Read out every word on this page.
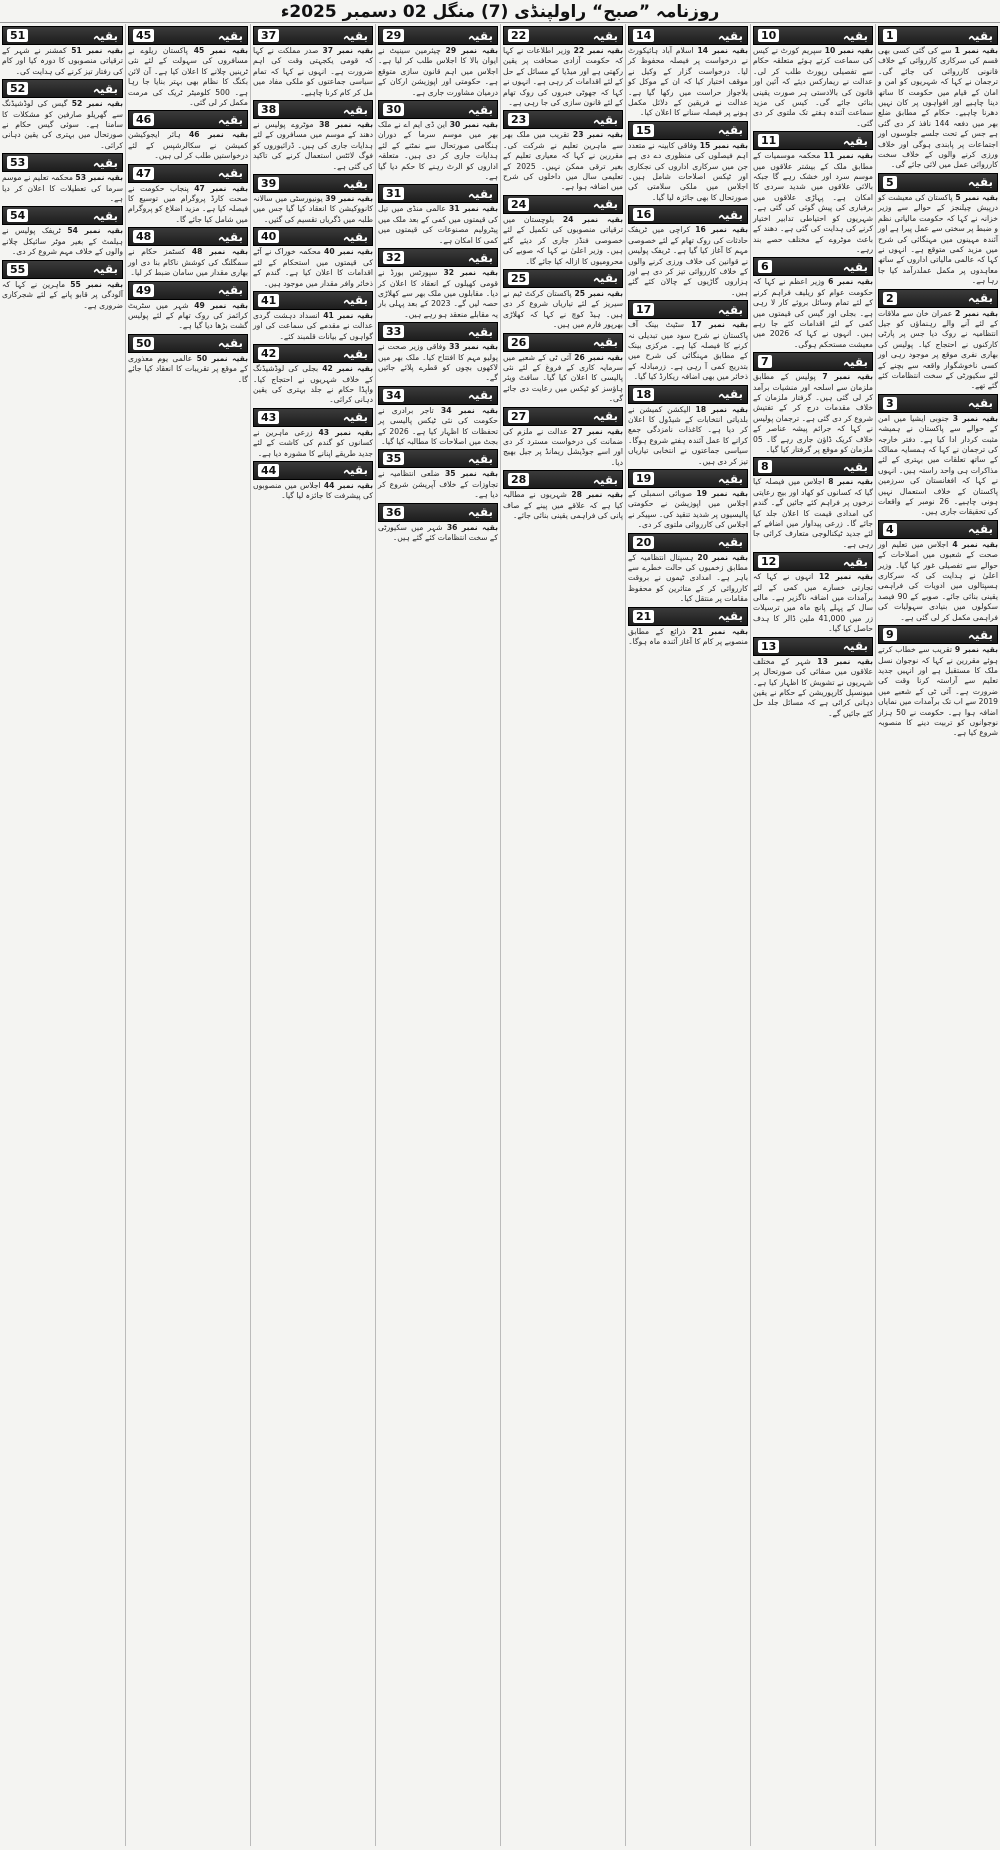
روزنامہ ”صبح“ راولپنڈی (7) منگل 02 دسمبر 2025ء
1	بقیہ

بقیہ نمبر 1 سے کی گئی کسی بھی قسم کی سرکاری کارروائی کے خلاف قانونی کارروائی کی جائے گی۔ ترجمان نے کہا کہ شہریوں کو امن و امان کے قیام میں حکومت کا ساتھ دینا چاہیے اور افواہوں پر کان نہیں دھرنا چاہیے۔ حکام کے مطابق ضلع بھر میں دفعہ 144 نافذ کر دی گئی ہے جس کے تحت جلسے جلوسوں اور اجتماعات پر پابندی ہوگی اور خلاف ورزی کرنے والوں کے خلاف سخت کارروائی عمل میں لائی جائے گی۔

5	بقیہ

بقیہ نمبر 5 پاکستان کی معیشت کو درپیش چیلنجز کے حوالے سے وزیر خزانہ نے کہا کہ حکومت مالیاتی نظم و ضبط پر سختی سے عمل پیرا ہے اور آئندہ مہینوں میں مہنگائی کی شرح میں مزید کمی متوقع ہے۔ انہوں نے کہا کہ عالمی مالیاتی اداروں کے ساتھ معاہدوں پر مکمل عملدرآمد کیا جا رہا ہے۔

2	بقیہ

بقیہ نمبر 2 عمران خان سے ملاقات کے لئے آنے والے رہنماؤں کو جیل انتظامیہ نے روک دیا جس پر پارٹی کارکنوں نے احتجاج کیا۔ پولیس کی بھاری نفری موقع پر موجود رہی اور کسی ناخوشگوار واقعہ سے بچنے کے لئے سکیورٹی کے سخت انتظامات کئے گئے تھے۔

3	بقیہ

بقیہ نمبر 3 جنوبی ایشیا میں امن کے حوالے سے پاکستان نے ہمیشہ مثبت کردار ادا کیا ہے۔ دفتر خارجہ کی ترجمان نے کہا کہ ہمسایہ ممالک کے ساتھ تعلقات میں بہتری کے لئے مذاکرات ہی واحد راستہ ہیں۔ انہوں نے کہا کہ افغانستان کی سرزمین پاکستان کے خلاف استعمال نہیں ہونی چاہیے۔ 26 نومبر کے واقعات کی تحقیقات جاری ہیں۔

4	بقیہ

بقیہ نمبر 4 اجلاس میں تعلیم اور صحت کے شعبوں میں اصلاحات کے حوالے سے تفصیلی غور کیا گیا۔ وزیر اعلیٰ نے ہدایت کی کہ سرکاری ہسپتالوں میں ادویات کی فراہمی یقینی بنائی جائے۔ صوبے کے 90 فیصد سکولوں میں بنیادی سہولیات کی فراہمی مکمل کر لی گئی ہے۔

9	بقیہ

بقیہ نمبر 9 تقریب سے خطاب کرتے ہوئے مقررین نے کہا کہ نوجوان نسل ملک کا مستقبل ہے اور انہیں جدید تعلیم سے آراستہ کرنا وقت کی ضرورت ہے۔ آئی ٹی کے شعبے میں 2019 سے اب تک برآمدات میں نمایاں اضافہ ہوا ہے۔ حکومت نے 50 ہزار نوجوانوں کو تربیت دینے کا منصوبہ شروع کیا ہے۔

10	بقیہ

بقیہ نمبر 10 سپریم کورٹ نے کیس کی سماعت کرتے ہوئے متعلقہ حکام سے تفصیلی رپورٹ طلب کر لی۔ عدالت نے ریمارکس دیئے کہ آئین اور قانون کی بالادستی ہر صورت یقینی بنائی جائے گی۔ کیس کی مزید سماعت آئندہ ہفتے تک ملتوی کر دی گئی۔

11	بقیہ

بقیہ نمبر 11 محکمہ موسمیات کے مطابق ملک کے بیشتر علاقوں میں موسم سرد اور خشک رہے گا جبکہ بالائی علاقوں میں شدید سردی کا امکان ہے۔ پہاڑی علاقوں میں برفباری کی پیش گوئی کی گئی ہے۔ شہریوں کو احتیاطی تدابیر اختیار کرنے کی ہدایت کی گئی ہے۔ دھند کے باعث موٹروے کے مختلف حصے بند رہے۔

6	بقیہ

بقیہ نمبر 6 وزیر اعظم نے کہا کہ حکومت عوام کو ریلیف فراہم کرنے کے لئے تمام وسائل بروئے کار لا رہی ہے۔ بجلی اور گیس کی قیمتوں میں کمی کے لئے اقدامات کئے جا رہے ہیں۔ انہوں نے کہا کہ 2026 میں معیشت مستحکم ہوگی۔

7	بقیہ

بقیہ نمبر 7 پولیس کے مطابق ملزمان سے اسلحہ اور منشیات برآمد کر لی گئی ہیں۔ گرفتار ملزمان کے خلاف مقدمات درج کر کے تفتیش شروع کر دی گئی ہے۔ ترجمان پولیس نے کہا کہ جرائم پیشہ عناصر کے خلاف کریک ڈاؤن جاری رہے گا۔ 05 ملزمان کو موقع پر گرفتار کیا گیا۔

8	بقیہ

بقیہ نمبر 8 اجلاس میں فیصلہ کیا گیا کہ کسانوں کو کھاد اور بیج رعایتی نرخوں پر فراہم کئے جائیں گے۔ گندم کی امدادی قیمت کا اعلان جلد کیا جائے گا۔ زرعی پیداوار میں اضافے کے لئے جدید ٹیکنالوجی متعارف کرائی جا رہی ہے۔

12	بقیہ

بقیہ نمبر 12 انہوں نے کہا کہ تجارتی خسارے میں کمی کے لئے برآمدات میں اضافہ ناگزیر ہے۔ مالی سال کے پہلے پانچ ماہ میں ترسیلات زر میں 41,000 ملین ڈالر کا ہدف حاصل کیا گیا۔

13	بقیہ

بقیہ نمبر 13 شہر کے مختلف علاقوں میں صفائی کی صورتحال پر شہریوں نے تشویش کا اظہار کیا ہے۔ میونسپل کارپوریشن کے حکام نے یقین دہانی کرائی ہے کہ مسائل جلد حل کئے جائیں گے۔

14	بقیہ

بقیہ نمبر 14 اسلام آباد ہائیکورٹ نے درخواست پر فیصلہ محفوظ کر لیا۔ درخواست گزار کے وکیل نے موقف اختیار کیا کہ ان کے موکل کو بلاجواز حراست میں رکھا گیا ہے۔ عدالت نے فریقین کے دلائل مکمل ہونے پر فیصلہ سنانے کا اعلان کیا۔

15	بقیہ

بقیہ نمبر 15 وفاقی کابینہ نے متعدد اہم فیصلوں کی منظوری دے دی ہے جن میں سرکاری اداروں کی نجکاری اور ٹیکس اصلاحات شامل ہیں۔ اجلاس میں ملکی سلامتی کی صورتحال کا بھی جائزہ لیا گیا۔

16	بقیہ

بقیہ نمبر 16 کراچی میں ٹریفک حادثات کی روک تھام کے لئے خصوصی مہم کا آغاز کیا گیا ہے۔ ٹریفک پولیس نے قوانین کی خلاف ورزی کرنے والوں کے خلاف کارروائی تیز کر دی ہے اور ہزاروں گاڑیوں کے چالان کئے گئے ہیں۔

17	بقیہ

بقیہ نمبر 17 سٹیٹ بینک آف پاکستان نے شرح سود میں تبدیلی نہ کرنے کا فیصلہ کیا ہے۔ مرکزی بینک کے مطابق مہنگائی کی شرح میں بتدریج کمی آ رہی ہے۔ زرمبادلہ کے ذخائر میں بھی اضافہ ریکارڈ کیا گیا۔

18	بقیہ

بقیہ نمبر 18 الیکشن کمیشن نے بلدیاتی انتخابات کے شیڈول کا اعلان کر دیا ہے۔ کاغذات نامزدگی جمع کرانے کا عمل آئندہ ہفتے شروع ہوگا۔ سیاسی جماعتوں نے انتخابی تیاریاں تیز کر دی ہیں۔

19	بقیہ

بقیہ نمبر 19 صوبائی اسمبلی کے اجلاس میں اپوزیشن نے حکومتی پالیسیوں پر شدید تنقید کی۔ سپیکر نے اجلاس کی کارروائی ملتوی کر دی۔

20	بقیہ

بقیہ نمبر 20 ہسپتال انتظامیہ کے مطابق زخمیوں کی حالت خطرے سے باہر ہے۔ امدادی ٹیموں نے بروقت کارروائی کر کے متاثرین کو محفوظ مقامات پر منتقل کیا۔

21	بقیہ

بقیہ نمبر 21 ذرائع کے مطابق منصوبے پر کام کا آغاز آئندہ ماہ ہوگا۔

22	بقیہ

بقیہ نمبر 22 وزیر اطلاعات نے کہا کہ حکومت آزادی صحافت پر یقین رکھتی ہے اور میڈیا کے مسائل کے حل کے لئے اقدامات کر رہی ہے۔ انہوں نے کہا کہ جھوٹی خبروں کی روک تھام کے لئے قانون سازی کی جا رہی ہے۔

23	بقیہ

بقیہ نمبر 23 تقریب میں ملک بھر سے ماہرین تعلیم نے شرکت کی۔ مقررین نے کہا کہ معیاری تعلیم کے بغیر ترقی ممکن نہیں۔ 2025 کے تعلیمی سال میں داخلوں کی شرح میں اضافہ ہوا ہے۔

24	بقیہ

بقیہ نمبر 24 بلوچستان میں ترقیاتی منصوبوں کی تکمیل کے لئے خصوصی فنڈز جاری کر دیئے گئے ہیں۔ وزیر اعلیٰ نے کہا کہ صوبے کی محرومیوں کا ازالہ کیا جائے گا۔

25	بقیہ

بقیہ نمبر 25 پاکستان کرکٹ ٹیم نے سیریز کے لئے تیاریاں شروع کر دی ہیں۔ ہیڈ کوچ نے کہا کہ کھلاڑی بھرپور فارم میں ہیں۔

26	بقیہ

بقیہ نمبر 26 آئی ٹی کے شعبے میں سرمایہ کاری کے فروغ کے لئے نئی پالیسی کا اعلان کیا گیا۔ سافٹ ویئر ہاؤسز کو ٹیکس میں رعایت دی جائے گی۔

27	بقیہ

بقیہ نمبر 27 عدالت نے ملزم کی ضمانت کی درخواست مسترد کر دی اور اسے جوڈیشل ریمانڈ پر جیل بھیج دیا۔

28	بقیہ

بقیہ نمبر 28 شہریوں نے مطالبہ کیا ہے کہ علاقے میں پینے کے صاف پانی کی فراہمی یقینی بنائی جائے۔

29	بقیہ

بقیہ نمبر 29 چیئرمین سینیٹ نے ایوان بالا کا اجلاس طلب کر لیا ہے۔ اجلاس میں اہم قانون سازی متوقع ہے۔ حکومتی اور اپوزیشن ارکان کے درمیان مشاورت جاری ہے۔

30	بقیہ

بقیہ نمبر 30 این ڈی ایم اے نے ملک بھر میں موسم سرما کے دوران ہنگامی صورتحال سے نمٹنے کے لئے ہدایات جاری کر دی ہیں۔ متعلقہ اداروں کو الرٹ رہنے کا حکم دیا گیا ہے۔

31	بقیہ

بقیہ نمبر 31 عالمی منڈی میں تیل کی قیمتوں میں کمی کے بعد ملک میں پیٹرولیم مصنوعات کی قیمتوں میں کمی کا امکان ہے۔

32	بقیہ

بقیہ نمبر 32 سپورٹس بورڈ نے قومی کھیلوں کے انعقاد کا اعلان کر دیا۔ مقابلوں میں ملک بھر سے کھلاڑی حصہ لیں گے۔ 2023 کے بعد پہلی بار یہ مقابلے منعقد ہو رہے ہیں۔

33	بقیہ

بقیہ نمبر 33 وفاقی وزیر صحت نے پولیو مہم کا افتتاح کیا۔ ملک بھر میں لاکھوں بچوں کو قطرے پلائے جائیں گے۔

34	بقیہ

بقیہ نمبر 34 تاجر برادری نے حکومت کی نئی ٹیکس پالیسی پر تحفظات کا اظہار کیا ہے۔ 2026 کے بجٹ میں اصلاحات کا مطالبہ کیا گیا۔

35	بقیہ

بقیہ نمبر 35 ضلعی انتظامیہ نے تجاوزات کے خلاف آپریشن شروع کر دیا ہے۔

36	بقیہ

بقیہ نمبر 36 شہر میں سکیورٹی کے سخت انتظامات کئے گئے ہیں۔

37	بقیہ

بقیہ نمبر 37 صدر مملکت نے کہا کہ قومی یکجہتی وقت کی اہم ضرورت ہے۔ انہوں نے کہا کہ تمام سیاسی جماعتوں کو ملکی مفاد میں مل کر کام کرنا چاہیے۔

38	بقیہ

بقیہ نمبر 38 موٹروے پولیس نے دھند کے موسم میں مسافروں کے لئے ہدایات جاری کی ہیں۔ ڈرائیوروں کو فوگ لائٹس استعمال کرنے کی تاکید کی گئی ہے۔

39	بقیہ

بقیہ نمبر 39 یونیورسٹی میں سالانہ کانووکیشن کا انعقاد کیا گیا جس میں طلبہ میں ڈگریاں تقسیم کی گئیں۔

40	بقیہ

بقیہ نمبر 40 محکمہ خوراک نے آٹے کی قیمتوں میں استحکام کے لئے اقدامات کا اعلان کیا ہے۔ گندم کے ذخائر وافر مقدار میں موجود ہیں۔

41	بقیہ

بقیہ نمبر 41 انسداد دہشت گردی عدالت نے مقدمے کی سماعت کی اور گواہوں کے بیانات قلمبند کئے۔

42	بقیہ

بقیہ نمبر 42 بجلی کی لوڈشیڈنگ کے خلاف شہریوں نے احتجاج کیا۔ واپڈا حکام نے جلد بہتری کی یقین دہانی کرائی۔

43	بقیہ

بقیہ نمبر 43 زرعی ماہرین نے کسانوں کو گندم کی کاشت کے لئے جدید طریقے اپنانے کا مشورہ دیا ہے۔

44	بقیہ

بقیہ نمبر 44 اجلاس میں منصوبوں کی پیشرفت کا جائزہ لیا گیا۔

45	بقیہ

بقیہ نمبر 45 پاکستان ریلوے نے مسافروں کی سہولت کے لئے نئی ٹرینیں چلانے کا اعلان کیا ہے۔ آن لائن بکنگ کا نظام بھی بہتر بنایا جا رہا ہے۔ 500 کلومیٹر ٹریک کی مرمت مکمل کر لی گئی۔

46	بقیہ

بقیہ نمبر 46 ہائر ایجوکیشن کمیشن نے سکالرشپس کے لئے درخواستیں طلب کر لی ہیں۔

47	بقیہ

بقیہ نمبر 47 پنجاب حکومت نے صحت کارڈ پروگرام میں توسیع کا فیصلہ کیا ہے۔ مزید اضلاع کو پروگرام میں شامل کیا جائے گا۔

48	بقیہ

بقیہ نمبر 48 کسٹمز حکام نے سمگلنگ کی کوشش ناکام بنا دی اور بھاری مقدار میں سامان ضبط کر لیا۔

49	بقیہ

بقیہ نمبر 49 شہر میں سٹریٹ کرائمز کی روک تھام کے لئے پولیس گشت بڑھا دیا گیا ہے۔

50	بقیہ

بقیہ نمبر 50 عالمی یوم معذوری کے موقع پر تقریبات کا انعقاد کیا جائے گا۔

51	بقیہ

بقیہ نمبر 51 کمشنر نے شہر کے ترقیاتی منصوبوں کا دورہ کیا اور کام کی رفتار تیز کرنے کی ہدایت کی۔

52	بقیہ

بقیہ نمبر 52 گیس کی لوڈشیڈنگ سے گھریلو صارفین کو مشکلات کا سامنا ہے۔ سوئی گیس حکام نے صورتحال میں بہتری کی یقین دہانی کرائی۔

53	بقیہ

بقیہ نمبر 53 محکمہ تعلیم نے موسم سرما کی تعطیلات کا اعلان کر دیا ہے۔

54	بقیہ

بقیہ نمبر 54 ٹریفک پولیس نے ہیلمٹ کے بغیر موٹر سائیکل چلانے والوں کے خلاف مہم شروع کر دی۔

55	بقیہ

بقیہ نمبر 55 ماہرین نے کہا کہ آلودگی پر قابو پانے کے لئے شجرکاری ضروری ہے۔
